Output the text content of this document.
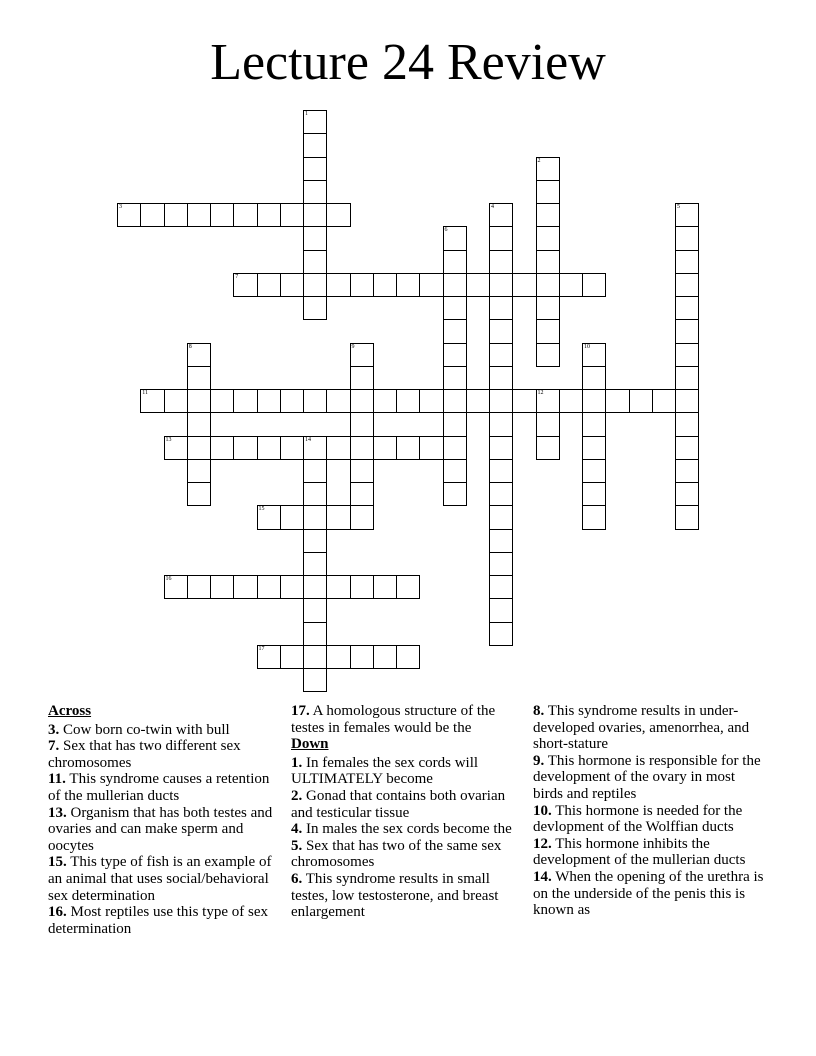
Lecture 24 Review
1
2
3	4	5
6
7
8	9	10
11	12
13	14
15
16
17

Across

3. Cow born co-twin with bull

7. Sex that has two different sex chromosomes

11. This syndrome causes a retention of the mullerian ducts

13. Organism that has both testes and ovaries and can make sperm and oocytes

15. This type of fish is an example of an animal that uses social/behavioral sex determination

16. Most reptiles use this type of sex determination

17. A homologous structure of the testes in females would be the

Down

1. In females the sex cords will ULTIMATELY become

2. Gonad that contains both ovarian and testicular tissue

4. In males the sex cords become the

5. Sex that has two of the same sex chromosomes

6. This syndrome results in small testes, low testosterone, and breast enlargement

8. This syndrome results in under-developed ovaries, amenorrhea, and short-stature

9. This hormone is responsible for the development of the ovary in most birds and reptiles

10. This hormone is needed for the devlopment of the Wolffian ducts

12. This hormone inhibits the development of the mullerian ducts

14. When the opening of the urethra is on the underside of the penis this is known as
